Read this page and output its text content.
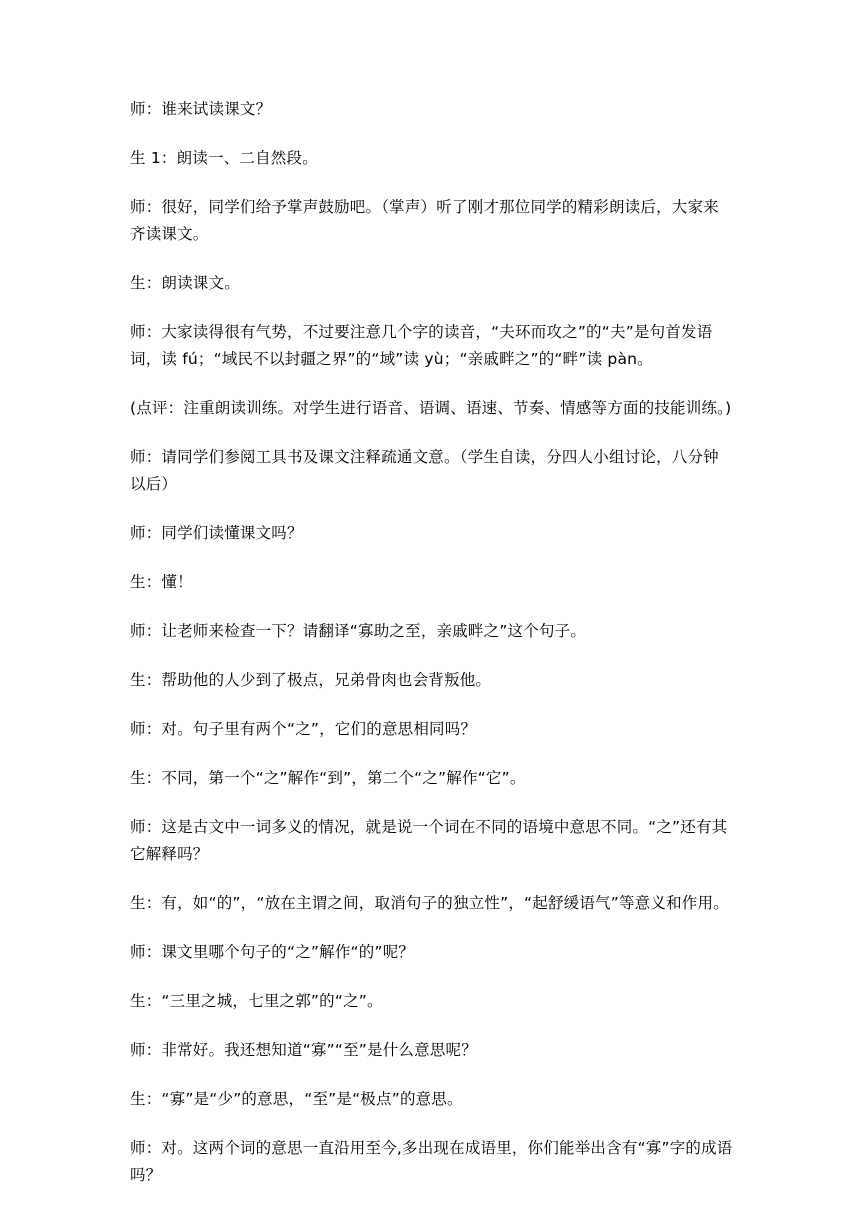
师：谁来试读课文？

生 1：朗读一、二自然段。

师：很好，同学们给予掌声鼓励吧。（掌声）听了刚才那位同学的精彩朗读后，大家来齐读课文。

生：朗读课文。

师：大家读得很有气势，不过要注意几个字的读音，“夫环而攻之”的“夫”是句首发语词，读 fú；“域民不以封疆之界”的“域”读 yù；“亲戚畔之”的“畔”读 pàn。

(点评：注重朗读训练。对学生进行语音、语调、语速、节奏、情感等方面的技能训练。)

师：请同学们参阅工具书及课文注释疏通文意。（学生自读，分四人小组讨论，八分钟以后）

师：同学们读懂课文吗？

生：懂！

师：让老师来检查一下？请翻译“寡助之至，亲戚畔之”这个句子。

生：帮助他的人少到了极点，兄弟骨肉也会背叛他。

师：对。句子里有两个“之”，它们的意思相同吗？

生：不同，第一个“之”解作“到”，第二个“之”解作“它”。

师：这是古文中一词多义的情况，就是说一个词在不同的语境中意思不同。“之”还有其它解释吗？

生：有，如“的”，“放在主谓之间，取消句子的独立性”，“起舒缓语气”等意义和作用。

师：课文里哪个句子的“之”解作“的”呢？

生：“三里之城，七里之郭”的“之”。

师：非常好。我还想知道“寡”“至”是什么意思呢？

生：“寡”是“少”的意思，“至”是“极点”的意思。

师：对。这两个词的意思一直沿用至今,多出现在成语里，你们能举出含有“寡”字的成语吗？
